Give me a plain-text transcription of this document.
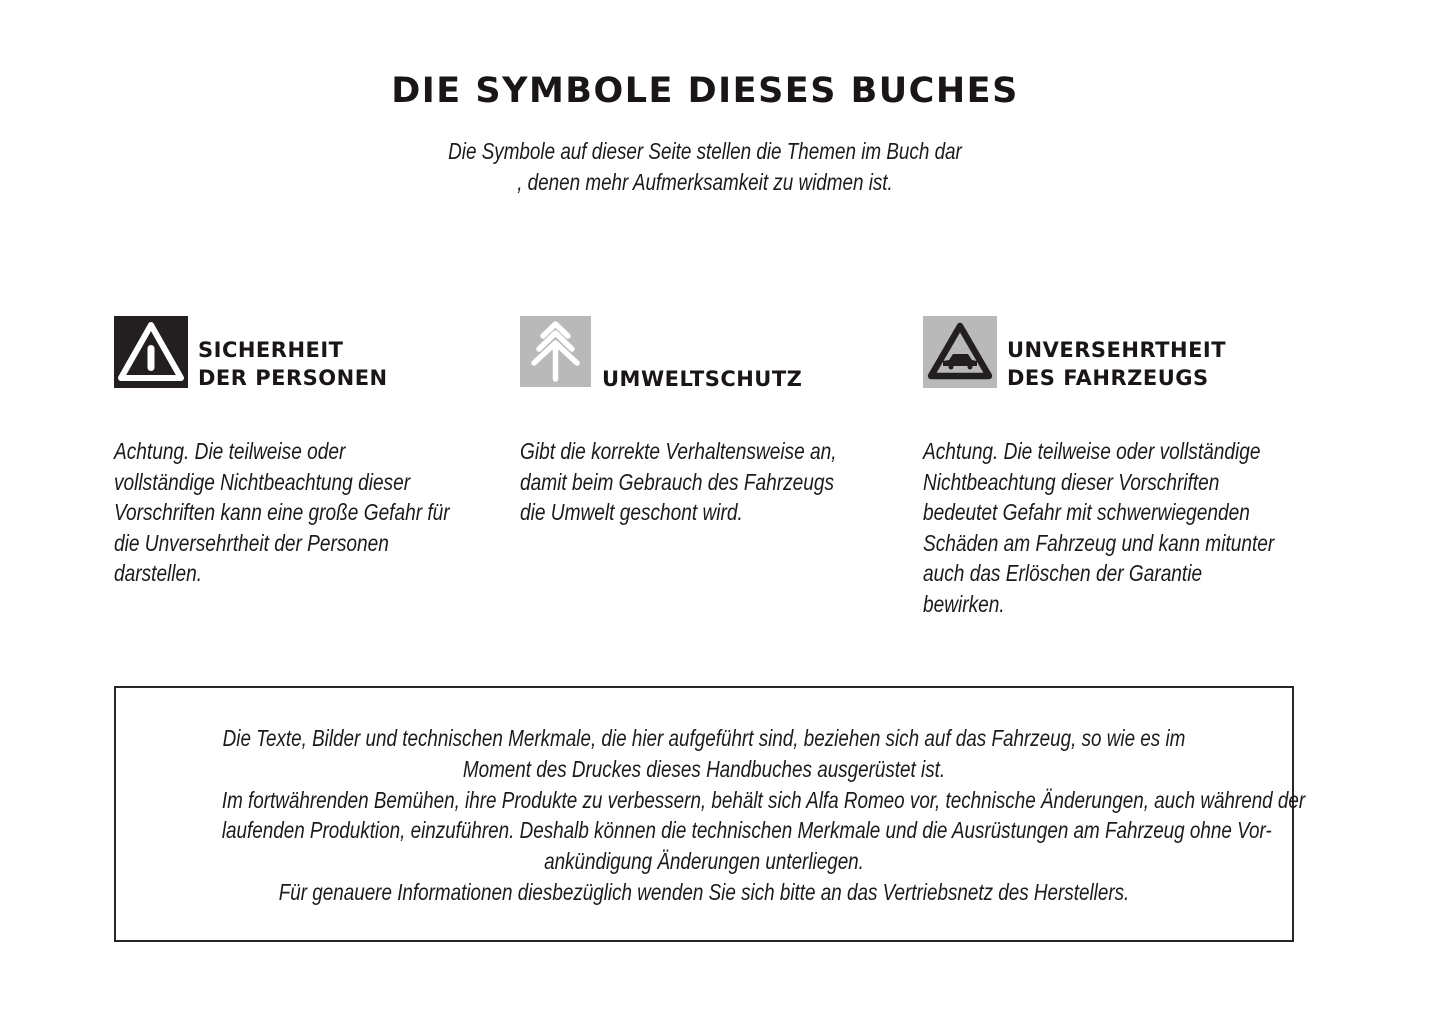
DIE SYMBOLE DIESES BUCHES
Die Symbole auf dieser Seite stellen die Themen im Buch dar
, denen mehr Aufmerksamkeit zu widmen ist.
SICHERHEIT
DER PERSONEN
Achtung. Die teilweise oder
vollständige Nichtbeachtung dieser
Vorschriften kann eine große Gefahr für
die Unversehrtheit der Personen
darstellen.
UMWELTSCHUTZ
Gibt die korrekte Verhaltensweise an,
damit beim Gebrauch des Fahrzeugs
die Umwelt geschont wird.
UNVERSEHRTHEIT
DES FAHRZEUGS
Achtung. Die teilweise oder vollständige
Nichtbeachtung dieser Vorschriften
bedeutet Gefahr mit schwerwiegenden
Schäden am Fahrzeug und kann mitunter
auch das Erlöschen der Garantie
bewirken.
Die Texte, Bilder und technischen Merkmale, die hier aufgeführt sind, beziehen sich auf das Fahrzeug, so wie es im
Moment des Druckes dieses Handbuches ausgerüstet ist.
Im fortwährenden Bemühen, ihre Produkte zu verbessern, behält sich Alfa Romeo vor, technische Änderungen, auch während der
laufenden Produktion, einzuführen. Deshalb können die technischen Merkmale und die Ausrüstungen am Fahrzeug ohne Vor-
ankündigung Änderungen unterliegen.
Für genauere Informationen diesbezüglich wenden Sie sich bitte an das Vertriebsnetz des Herstellers.
